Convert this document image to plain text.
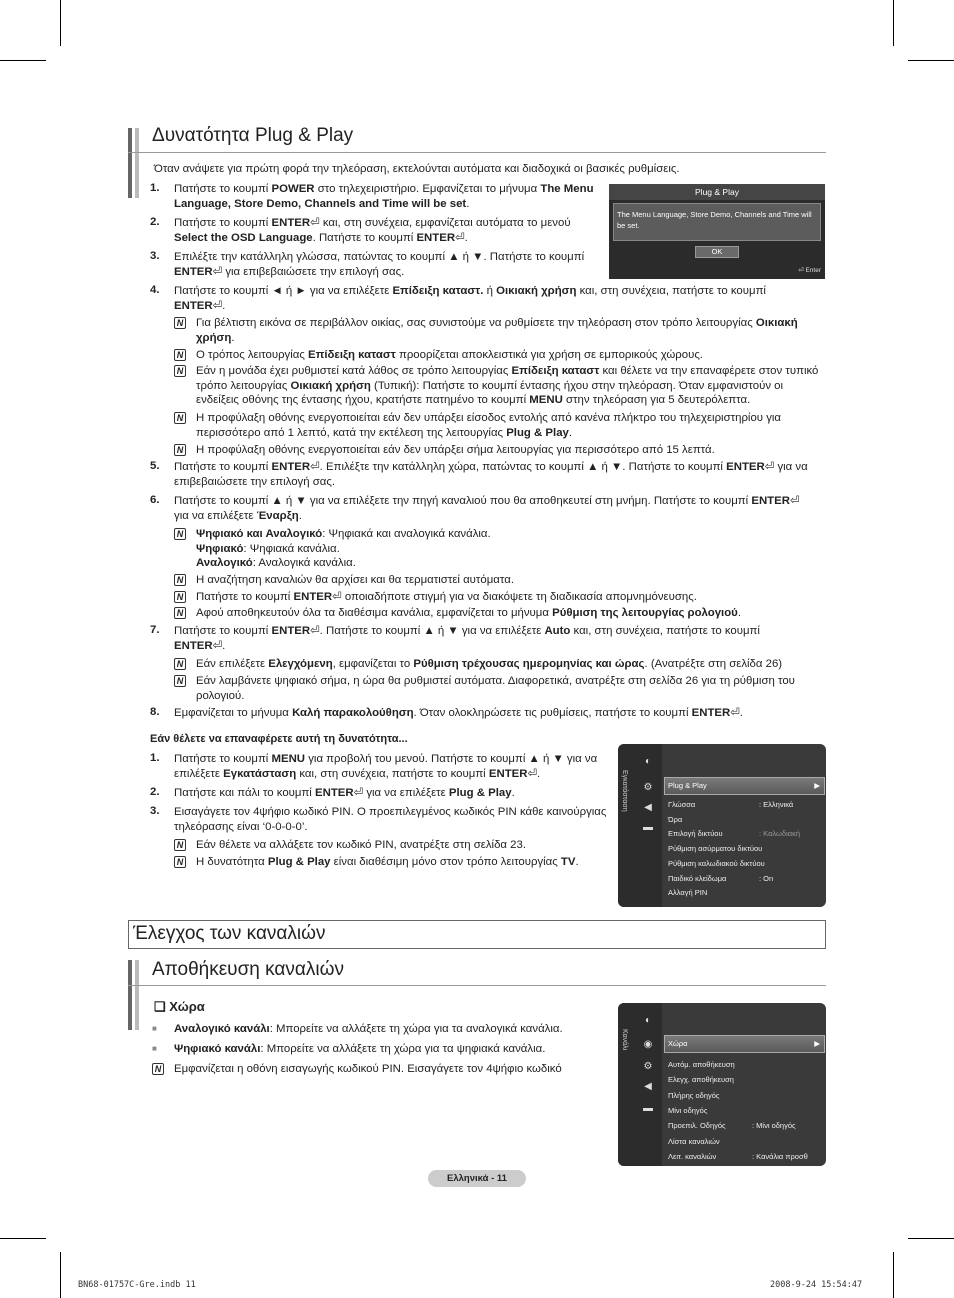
Δυνατότητα Plug & Play
Όταν ανάψετε για πρώτη φορά την τηλεόραση, εκτελούνται αυτόματα και διαδοχικά οι βασικές ρυθμίσεις.
1. Πατήστε το κουμπί POWER στο τηλεχειριστήριο. Εμφανίζεται το μήνυμα The Menu Language, Store Demo, Channels and Time will be set.
2. Πατήστε το κουμπί ENTER⏎ και, στη συνέχεια, εμφανίζεται αυτόματα το μενού Select the OSD Language. Πατήστε το κουμπί ENTER⏎.
3. Επιλέξτε την κατάλληλη γλώσσα, πατώντας το κουμπί ▲ ή ▼. Πατήστε το κουμπί ENTER⏎ για επιβεβαιώσετε την επιλογή σας.
4. Πατήστε το κουμπί ◄ ή ► για να επιλέξετε Επίδειξη καταστ. ή Οικιακή χρήση και, στη συνέχεια, πατήστε το κουμπί ENTER⏎.
5. Πατήστε το κουμπί ENTER⏎. Επιλέξτε την κατάλληλη χώρα, πατώντας το κουμπί ▲ ή ▼. Πατήστε το κουμπί ENTER⏎ για να επιβεβαιώσετε την επιλογή σας.
6. Πατήστε το κουμπί ▲ ή ▼ για να επιλέξετε την πηγή καναλιού που θα αποθηκευτεί στη μνήμη. Πατήστε το κουμπί ENTER⏎ για να επιλέξετε Έναρξη.
7. Πατήστε το κουμπί ENTER⏎. Πατήστε το κουμπί ▲ ή ▼ για να επιλέξετε Auto και, στη συνέχεια, πατήστε το κουμπί ENTER⏎.
8. Εμφανίζεται το μήνυμα Καλή παρακολούθηση. Όταν ολοκληρώσετε τις ρυθμίσεις, πατήστε το κουμπί ENTER⏎.
N Για βέλτιστη εικόνα σε περιβάλλον οικίας, σας συνιστούμε να ρυθμίσετε την τηλεόραση στον τρόπο λειτουργίας Οικιακή χρήση.
N Ο τρόπος λειτουργίας Επίδειξη καταστ προορίζεται αποκλειστικά για χρήση σε εμπορικούς χώρους.
N Εάν η μονάδα έχει ρυθμιστεί κατά λάθος σε τρόπο λειτουργίας Επίδειξη καταστ και θέλετε να την επαναφέρετε στον τυπικό τρόπο λειτουργίας Οικιακή χρήση (Τυπική): Πατήστε το κουμπί έντασης ήχου στην τηλεόραση. Όταν εμφανιστούν οι ενδείξεις οθόνης της έντασης ήχου, κρατήστε πατημένο το κουμπί MENU στην τηλεόραση για 5 δευτερόλεπτα.
N Η προφύλαξη οθόνης ενεργοποιείται εάν δεν υπάρξει είσοδος εντολής από κανένα πλήκτρο του τηλεχειριστηρίου για περισσότερο από 1 λεπτό, κατά την εκτέλεση της λειτουργίας Plug & Play.
N Η προφύλαξη οθόνης ενεργοποιείται εάν δεν υπάρξει σήμα λειτουργίας για περισσότερο από 15 λεπτά.
N Ψηφιακό και Αναλογικό: Ψηφιακά και αναλογικά κανάλια.
Ψηφιακό: Ψηφιακά κανάλια.
Αναλογικό: Αναλογικά κανάλια.
N Η αναζήτηση καναλιών θα αρχίσει και θα τερματιστεί αυτόματα.
N Πατήστε το κουμπί ENTER⏎ οποιαδήποτε στιγμή για να διακόψετε τη διαδικασία απομνημόνευσης.
N Αφού αποθηκευτούν όλα τα διαθέσιμα κανάλια, εμφανίζεται το μήνυμα Ρύθμιση της λειτουργίας ρολογιού.
N Εάν επιλέξετε Ελεγχόμενη, εμφανίζεται το Ρύθμιση τρέχουσας ημερομηνίας και ώρας. (Ανατρέξτε στη σελίδα 26)
N Εάν λαμβάνετε ψηφιακό σήμα, η ώρα θα ρυθμιστεί αυτόματα. Διαφορετικά, ανατρέξτε στη σελίδα 26 για τη ρύθμιση του ρολογιού.
Εάν θέλετε να επαναφέρετε αυτή τη δυνατότητα...
1. Πατήστε το κουμπί MENU για προβολή του μενού. Πατήστε το κουμπί ▲ ή ▼ για να επιλέξετε Εγκατάσταση και, στη συνέχεια, πατήστε το κουμπί ENTER⏎.
2. Πατήστε και πάλι το κουμπί ENTER⏎ για να επιλέξετε Plug & Play.
3. Εισαγάγετε τον 4ψήφιο κωδικό PIN. Ο προεπιλεγμένος κωδικός PIN κάθε καινούργιας τηλεόρασης είναι ‘0-0-0-0’.
N Εάν θέλετε να αλλάξετε τον κωδικό PIN, ανατρέξτε στη σελίδα 23.
N Η δυνατότητα Plug & Play είναι διαθέσιμη μόνο στον τρόπο λειτουργίας TV.
Plug & Play
The Menu Language, Store Demo, Channels and Time will be set.
OK
⏎ Enter
Εγκατάσταση
◐
⚙
◀
▬
Plug & Play	▶
Γλώσσα	: Ελληνικά
Ώρα
Επιλογή δικτύου	: Καλωδιακή
Ρύθμιση ασύρματου δικτύου
Ρύθμιση καλωδιακού δικτύου
Παιδικό κλείδωμα	: On
Αλλαγή PIN
Έλεγχος των καναλιών
Αποθήκευση καναλιών
❑ Χώρα
■ Αναλογικό κανάλι: Μπορείτε να αλλάξετε τη χώρα για τα αναλογικά κανάλια.
■ Ψηφιακό κανάλι: Μπορείτε να αλλάξετε τη χώρα για τα ψηφιακά κανάλια.
N Εμφανίζεται η οθόνη εισαγωγής κωδικού PIN. Εισαγάγετε τον 4ψήφιο κωδικό
Κανάλι
◐
◉
⚙
◀
▬
Χώρα	▶
Αυτόμ. αποθήκευση
Ελεγχ. αποθήκευση
Πλήρης οδηγός
Μίνι οδηγός
Προεπιλ. Οδηγός	: Μίνι οδηγός
Λίστα καναλιών
Λειτ. καναλιών	: Κανάλια προσθ
Ελληνικά - 11
BN68-01757C-Gre.indb 11	2008-9-24 15:54:47
